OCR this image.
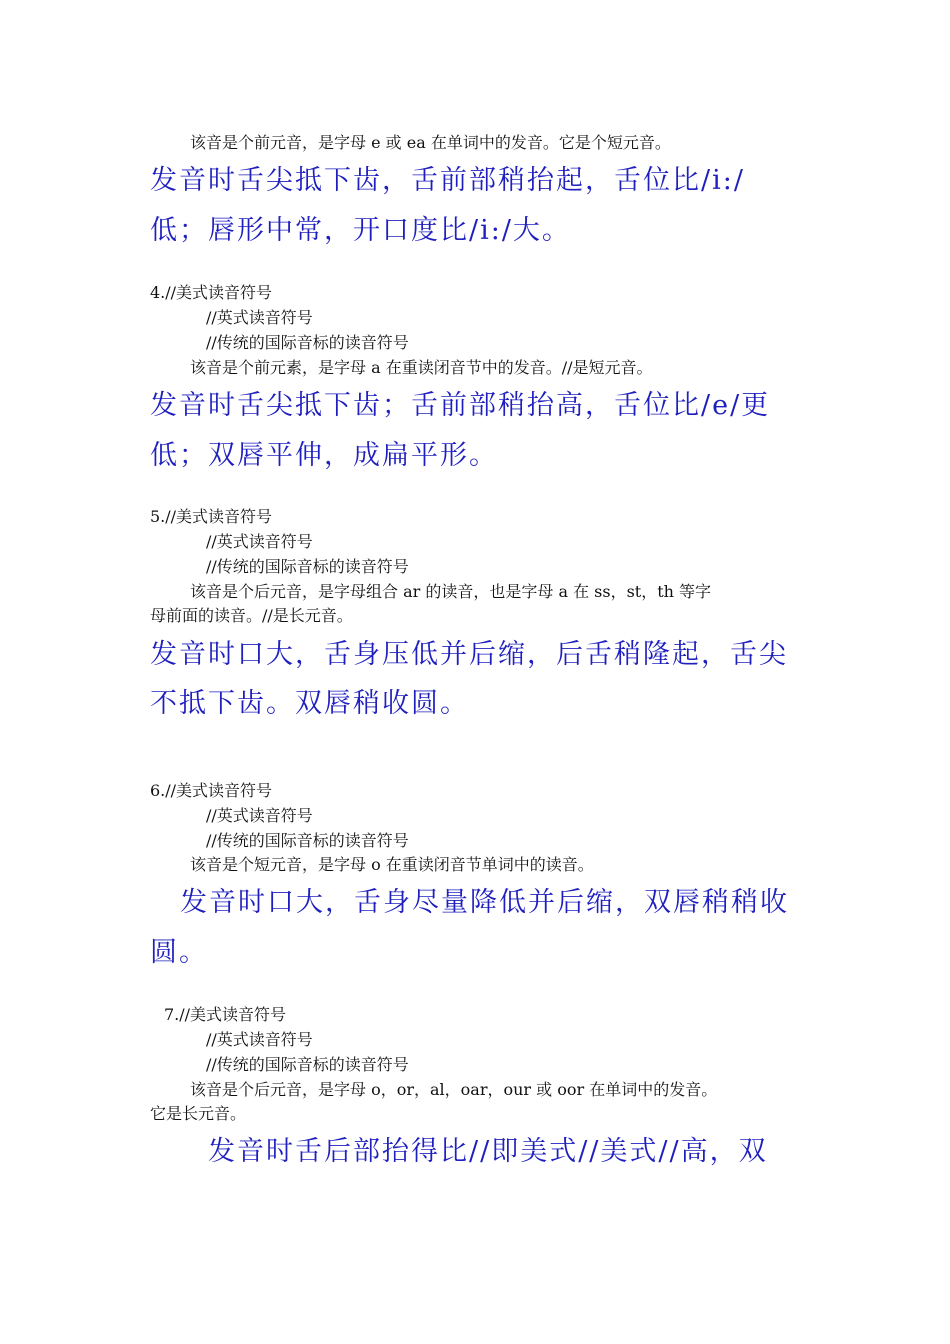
该音是个前元音，是字母 e 或 ea 在单词中的发音。它是个短元音。
发音时舌尖抵下齿，舌前部稍抬起，舌位比/i:/
低；唇形中常，开口度比/i:/大。
4.//美式读音符号
//英式读音符号
//传统的国际音标的读音符号
该音是个前元素，是字母 a 在重读闭音节中的发音。//是短元音。
发音时舌尖抵下齿；舌前部稍抬高，舌位比/e/更
低；双唇平伸，成扁平形。
5.//美式读音符号
//英式读音符号
//传统的国际音标的读音符号
该音是个后元音，是字母组合 ar 的读音，也是字母 a 在 ss，st，th 等字
母前面的读音。//是长元音。
发音时口大，舌身压低并后缩，后舌稍隆起，舌尖
不抵下齿。双唇稍收圆。
6.//美式读音符号
//英式读音符号
//传统的国际音标的读音符号
该音是个短元音，是字母 o 在重读闭音节单词中的读音。
发音时口大，舌身尽量降低并后缩，双唇稍稍收
圆。
7.//美式读音符号
//英式读音符号
//传统的国际音标的读音符号
该音是个后元音，是字母 o，or，al，oar，our 或 oor 在单词中的发音。
它是长元音。
发音时舌后部抬得比//即美式//美式//高，双
